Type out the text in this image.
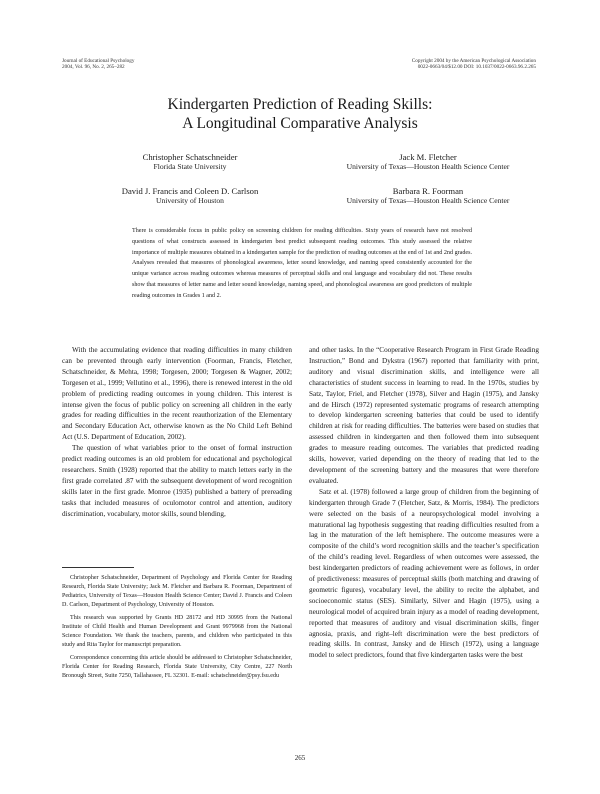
Journal of Educational Psychology
2004, Vol. 96, No. 2, 265–282
Copyright 2004 by the American Psychological Association
0022-0663/04/$12.00 DOI: 10.1037/0022-0663.96.2.265
Kindergarten Prediction of Reading Skills:
A Longitudinal Comparative Analysis
Christopher Schatschneider
Florida State University
Jack M. Fletcher
University of Texas—Houston Health Science Center
David J. Francis and Coleen D. Carlson
University of Houston
Barbara R. Foorman
University of Texas—Houston Health Science Center
There is considerable focus in public policy on screening children for reading difficulties. Sixty years of research have not resolved questions of what constructs assessed in kindergarten best predict subsequent reading outcomes. This study assessed the relative importance of multiple measures obtained in a kindergarten sample for the prediction of reading outcomes at the end of 1st and 2nd grades. Analyses revealed that measures of phonological awareness, letter sound knowledge, and naming speed consistently accounted for the unique variance across reading outcomes whereas measures of perceptual skills and oral language and vocabulary did not. These results show that measures of letter name and letter sound knowledge, naming speed, and phonological awareness are good predictors of multiple reading outcomes in Grades 1 and 2.

With the accumulating evidence that reading difficulties in many children can be prevented through early intervention (Foorman, Francis, Fletcher, Schatschneider, & Mehta, 1998; Torgesen, 2000; Torgesen & Wagner, 2002; Torgesen et al., 1999; Vellutino et al., 1996), there is renewed interest in the old problem of predicting reading outcomes in young children. This interest is intense given the focus of public policy on screening all children in the early grades for reading difficulties in the recent reauthorization of the Elementary and Secondary Education Act, otherwise known as the No Child Left Behind Act (U.S. Department of Education, 2002).

The question of what variables prior to the onset of formal instruction predict reading outcomes is an old problem for educational and psychological researchers. Smith (1928) reported that the ability to match letters early in the first grade correlated .87 with the subsequent development of word recognition skills later in the first grade. Monroe (1935) published a battery of prereading tasks that included measures of oculomotor control and attention, auditory discrimination, vocabulary, motor skills, sound blending,

and other tasks. In the “Cooperative Research Program in First Grade Reading Instruction,” Bond and Dykstra (1967) reported that familiarity with print, auditory and visual discrimination skills, and intelligence were all characteristics of student success in learning to read. In the 1970s, studies by Satz, Taylor, Friel, and Fletcher (1978), Silver and Hagin (1975), and Jansky and de Hirsch (1972) represented systematic programs of research attempting to develop kindergarten screening batteries that could be used to identify children at risk for reading difficulties. The batteries were based on studies that assessed children in kindergarten and then followed them into subsequent grades to measure reading outcomes. The variables that predicted reading skills, however, varied depending on the theory of reading that led to the development of the screening battery and the measures that were therefore evaluated.

Satz et al. (1978) followed a large group of children from the beginning of kindergarten through Grade 7 (Fletcher, Satz, & Morris, 1984). The predictors were selected on the basis of a neuropsychological model involving a maturational lag hypothesis suggesting that reading difficulties resulted from a lag in the maturation of the left hemisphere. The outcome measures were a composite of the child’s word recognition skills and the teacher’s specification of the child’s reading level. Regardless of when outcomes were assessed, the best kindergarten predictors of reading achievement were as follows, in order of predictiveness: measures of perceptual skills (both matching and drawing of geometric figures), vocabulary level, the ability to recite the alphabet, and socioeconomic status (SES). Similarly, Silver and Hagin (1975), using a neurological model of acquired brain injury as a model of reading development, reported that measures of auditory and visual discrimination skills, finger agnosia, praxis, and right–left discrimination were the best predictors of reading skills. In contrast, Jansky and de Hirsch (1972), using a language model to select predictors, found that five kindergarten tasks were the best

Christopher Schatschneider, Department of Psychology and Florida Center for Reading Research, Florida State University; Jack M. Fletcher and Barbara R. Foorman, Department of Pediatrics, University of Texas—Houston Health Science Center; David J. Francis and Coleen D. Carlson, Department of Psychology, University of Houston.

This research was supported by Grants HD 28172 and HD 30995 from the National Institute of Child Health and Human Development and Grant 9979968 from the National Science Foundation. We thank the teachers, parents, and children who participated in this study and Rita Taylor for manuscript preparation.

Correspondence concerning this article should be addressed to Christopher Schatschneider, Florida Center for Reading Research, Florida State University, City Centre, 227 North Bronough Street, Suite 7250, Tallahassee, FL 32301. E-mail: schatschneider@psy.fsu.edu

265
